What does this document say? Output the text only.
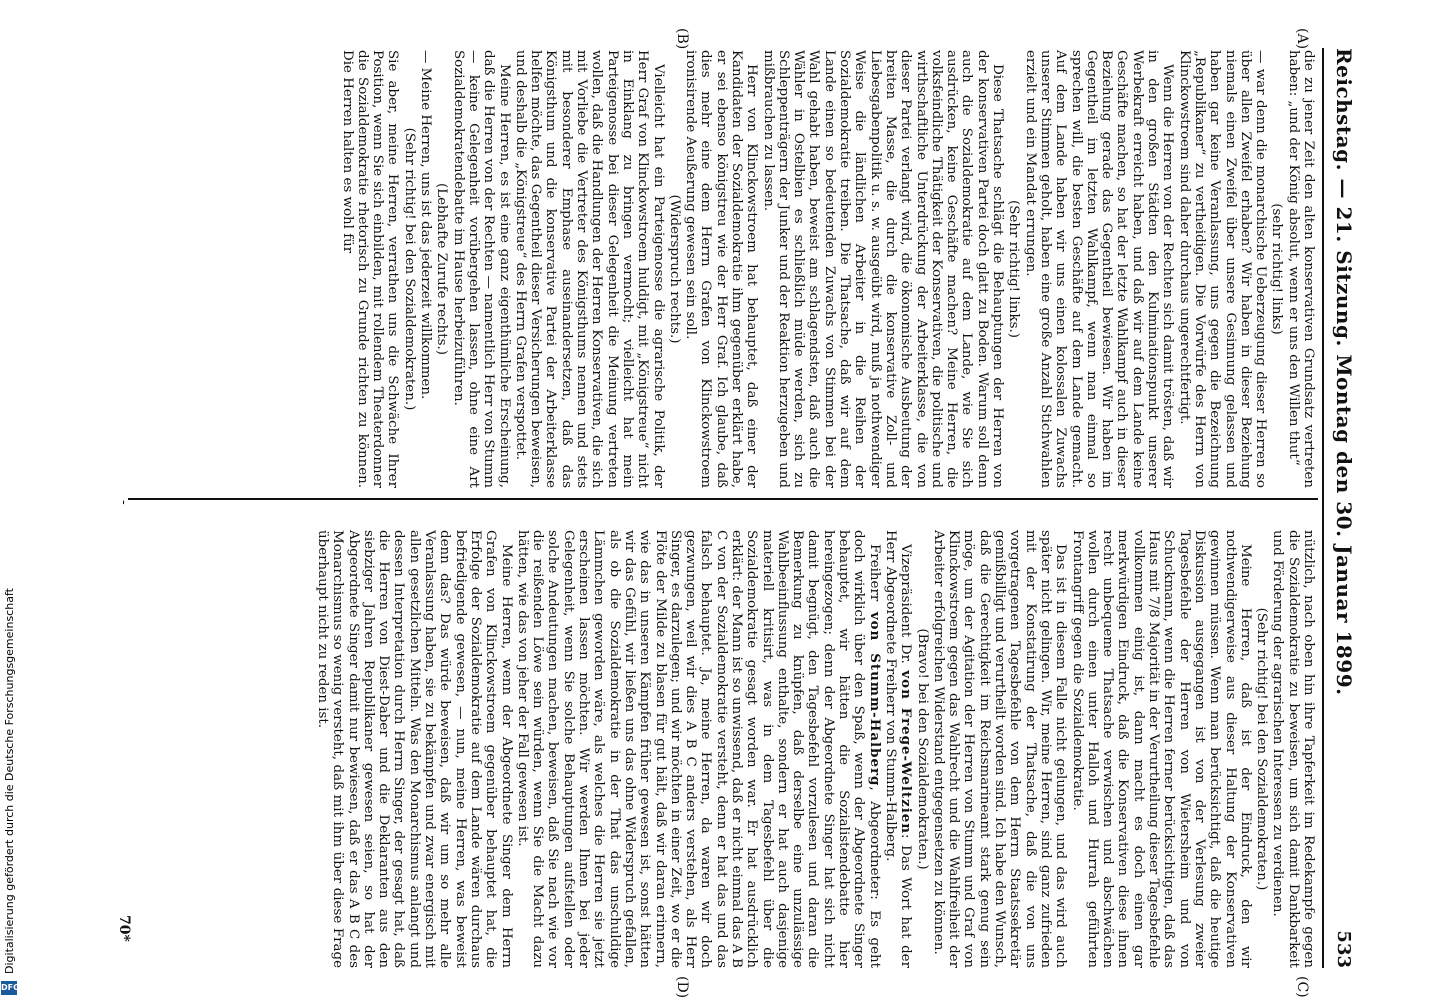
DFG
Digitalisierung gefördert durch die Deutsche Forschungsgemeinschaft
Reichstag. — 21. Sitzung. Montag den 30. Januar 1899.
533
(A)
(B)
(C)
(D)

die zu jener Zeit den alten konservativen Grundsatz vertreten haben: „und der König absolut, wenn er uns den Willen thut“

(sehr richtig! links)

— war denn die monarchische Ueberzeugung dieser Herren so über allen Zweifel erhaben? Wir haben in dieser Beziehung niemals einen Zweifel über unsere Gesinnung gelassen und haben gar keine Veranlassung, uns gegen die Bezeichnung „Republikaner“ zu vertheidigen. Die Vorwürfe des Herrn von Klinckowstroem sind daher durchaus ungerechtfertigt.

Wenn die Herren von der Rechten sich damit trösten, daß wir in den großen Städten den Kulminationspunkt unserer Werbekraft erreicht haben, und daß wir auf dem Lande keine Geschäfte machen, so hat der letzte Wahlkampf auch in dieser Beziehung gerade das Gegentheil bewiesen. Wir haben im Gegentheil im letzten Wahlkampf, wenn man einmal so sprechen will, die besten Geschäfte auf dem Lande gemacht. Auf dem Lande haben wir uns einen kolossalen Zuwachs unserer Stimmen geholt, haben eine große Anzahl Stichwahlen erzielt und ein Mandat errungen.

(Sehr richtig! links.)

Diese Thatsache schlägt die Behauptungen der Herren von der konservativen Partei doch glatt zu Boden. Warum soll denn auch die Sozialdemokratie auf dem Lande, wie Sie sich ausdrücken, keine Geschäfte machen? Meine Herren, die volksfeindliche Thätigkeit der Konservativen, die politische und wirthschaftliche Unterdrückung der Arbeiterklasse, die von dieser Partei verlangt wird, die ökonomische Ausbeutung der breiten Masse, die durch die konservative Zoll- und Liebesgabenpolitik u. s. w. ausgeübt wird, muß ja nothwendiger Weise die ländlichen Arbeiter in die Reihen der Sozialdemokratie treiben. Die Thatsache, daß wir auf dem Lande einen so bedeutenden Zuwachs von Stimmen bei der Wahl gehabt haben, beweist am schlagendsten, daß auch die Wähler in Ostelbien es schließlich müde werden, sich zu Schleppenträgern der Junker und der Reaktion herzugeben und mißbrauchen zu lassen.

Herr von Klinckowstroem hat behauptet, daß einer der Kandidaten der Sozialdemokratie ihm gegenüber erklärt habe, er sei ebenso königstreu wie der Herr Graf. Ich glaube, daß dies mehr eine dem Herrn Grafen von Klinckowstroem ironisirende Aeußerung gewesen sein soll.

(Widerspruch rechts.)

Vielleicht hat ein Parteigenosse die agrarische Politik, der Herr Graf von Klinckowstroem huldigt, mit „Königstreue“ nicht in Einklang zu bringen vermocht; vielleicht hat mein Parteigenosse bei dieser Gelegenheit die Meinung vertreten wollen, daß die Handlungen der Herren Konservativen, die sich mit Vorliebe die Vertreter des Königsthums nennen und stets mit besonderer Emphase auseinandersetzen, daß das Königsthum und die konservative Partei der Arbeiterklasse helfen möchte, das Gegentheil dieser Versicherungen beweisen, und deshalb die „Königstreue“ des Herrn Grafen verspottet.

Meine Herren, es ist eine ganz eigenthümliche Erscheinung, daß die Herren von der Rechten — namentlich Herr von Stumm — keine Gelegenheit vorübergehen lassen, ohne eine Art Sozialdemokratendebatte im Hause herbeizuführen.

(Lebhafte Zurufe rechts.)

— Meine Herren, uns ist das jederzeit willkommen.

(Sehr richtig! bei den Sozialdemokraten.)

Sie aber, meine Herren, verrathen uns die Schwäche Ihrer Position, wenn Sie sich einbilden, mit rollendem Theaterdonner die Sozialdemokratie rhetorisch zu Grunde richten zu können. Die Herren halten es wohl für

nützlich, nach oben hin ihre Tapferkeit im Redekampfe gegen die Sozialdemokratie zu beweisen, um sich damit Dankbarkeit und Förderung der agrarischen Interessen zu verdienen.

(Sehr richtig! bei den Sozialdemokraten.)

Meine Herren, daß ist der Eindruck, den wir nothwendigerweise aus dieser Haltung der Konservativen gewinnen müssen. Wenn man berücksichtigt, daß die heutige Diskussion ausgegangen ist von der Verlesung zweier Tagesbefehle der Herren von Wietersheim und von Schuckmann, wenn die Herren ferner berücksichtigen, daß das Haus mit 7/8 Majorität in der Verurtheilung dieser Tagesbefehle vollkommen einig ist, dann macht es doch einen gar merkwürdigen Eindruck, daß die Konservativen diese ihnen recht unbequeme Thatsache verwischen und abschwächen wollen durch einen unter Halloh und Hurrah geführten Frontangriff gegen die Sozialdemokratie.

Das ist in diesem Falle nicht gelungen, und das wird auch später nicht gelingen. Wir, meine Herren, sind ganz zufrieden mit der Konstatirung der Thatsache, daß die von uns vorgetragenen Tagesbefehle von dem Herrn Staatssekretär gemißbilligt und verurtheilt worden sind. Ich habe den Wunsch, daß die Gerechtigkeit im Reichsmarineamt stark genug sein möge, um der Agitation der Herren von Stumm und Graf von Klinckowstroem gegen das Wahlrecht und die Wahlfreiheit der Arbeiter erfolgreichen Widerstand entgegensetzen zu können.

(Bravo! bei den Sozialdemokraten.)

Vizepräsident Dr. von Frege-Weltzien: Das Wort hat der Herr Abgeordnete Freiherr von Stumm-Halberg.

Freiherr von Stumm-Halberg, Abgeordneter: Es geht doch wirklich über den Spaß, wenn der Abgeordnete Singer behauptet, wir hätten die Sozialistendebatte hier hereingezogen; denn der Abgeordnete Singer hat sich nicht damit begnügt, den Tagesbefehl vorzulesen und daran die Bemerkung zu knüpfen, daß derselbe eine unzulässige Wahlbeeinflussung enthalte, sondern er hat auch dasjenige materiell kritisirt, was in dem Tagesbefehl über die Sozialdemokratie gesagt worden war. Er hat ausdrücklich erklärt: der Mann ist so unwissend, daß er nicht einmal das A B C von der Sozialdemokratie versteht, denn er hat das und das falsch behauptet. Ja, meine Herren, da waren wir doch gezwungen, weil wir dies A B C anders verstehen, als Herr Singer, es darzulegen; und wir möchten in einer Zeit, wo er die Flöte der Milde zu blasen für gut hält, daß wir daran erinnern, wie das in unseren Kämpfen früher gewesen ist, sonst hätten wir das Gefühl, wir ließen uns das ohne Widerspruch gefallen, als ob die Sozialdemokratie in der That das unschuldige Lämmchen geworden wäre, als welches die Herren sie jetzt erscheinen lassen möchten. Wir werden Ihnen bei jeder Gelegenheit, wenn Sie solche Behauptungen aufstellen oder solche Andeutungen machen, beweisen, daß Sie nach wie vor die reißenden Löwe sein würden, wenn Sie die Macht dazu hätten, wie das von jeher der Fall gewesen ist.

Meine Herren, wenn der Abgeordnete Singer dem Herrn Grafen von Klinckowstroem gegenüber behauptet hat, die Erfolge der Sozialdemokratie auf dem Lande wären durchaus befriedigende gewesen, — nun, meine Herren, was beweist denn das? Das würde beweisen, daß wir um so mehr alle Veranlassung haben, sie zu bekämpfen und zwar energisch mit allen gesetzlichen Mitteln. Was den Monarchismus anlangt und dessen Interpretation durch Herrn Singer, der gesagt hat, daß die Herren von Diest-Daber und die Deklaranten aus den siebziger Jahren Republikaner gewesen seien, so hat der Abgeordnete Singer damit nur bewiesen, daß er das A B C des Monarchismus so wenig versteht, daß mit ihm über diese Frage überhaupt nicht zu reden ist.

-
70*
